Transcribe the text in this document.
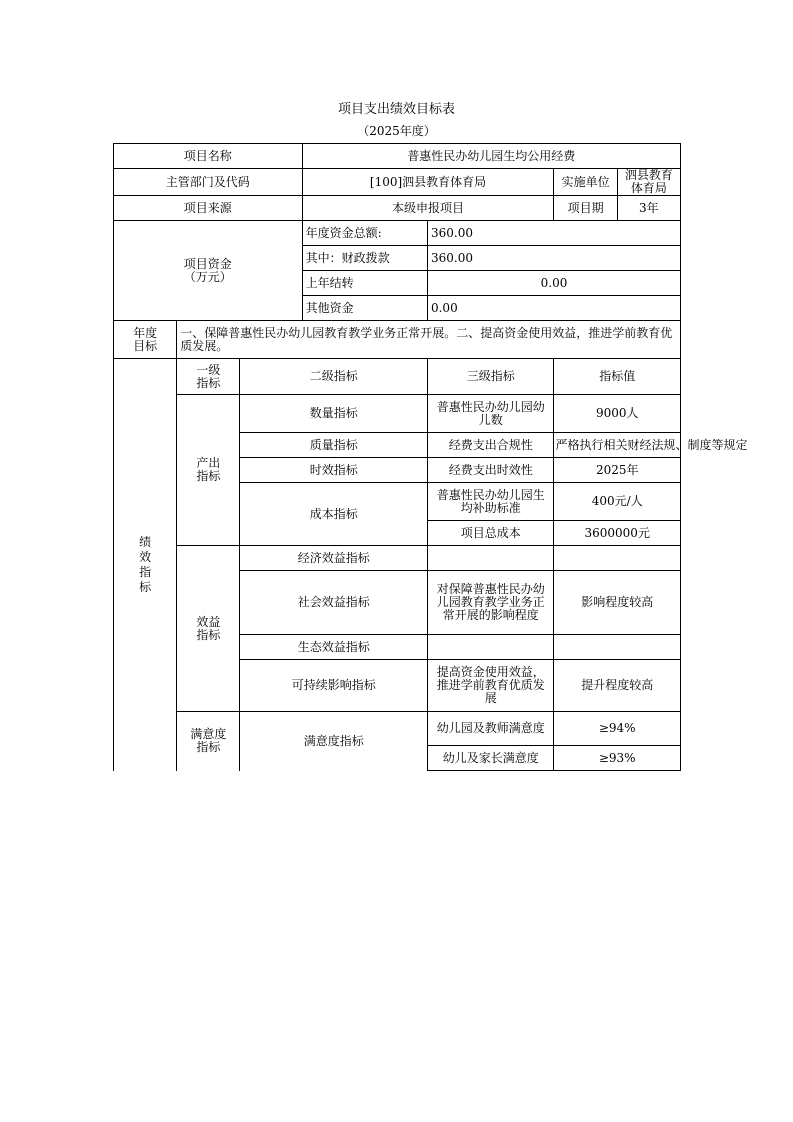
项目支出绩效目标表
（2025年度）
项目名称			普惠性民办幼儿园生均公用经费			
主管部门及代码			[100]泗县教育体育局		实施单位	泗县教育体育局
项目来源			本级申报项目		项目期	3年

项目资金
（万元）			年度资金总额:	360.00		
			其中：财政拨款	360.00		
			上年结转	0.00		
			其他资金	0.00		

年度目标	一、保障普惠性民办幼儿园教育教学业务正常开展。二、提高资金使用效益，推进学前教育优质发展。					
绩效指标	一级指标	二级指标		三级指标	指标值	

	产出指标	数量指标		普惠性民办幼儿园幼儿数	9000人	
		质量指标		经费支出合规性	严格执行相关财经法规、制度等规定	
		时效指标		经费支出时效性	2025年	
		成本指标		普惠性民办幼儿园生均补助标准	400元/人	
				项目总成本	3600000元	

	效益指标	经济效益指标				
		社会效益指标		对保障普惠性民办幼儿园教育教学业务正常开展的影响程度	影响程度较高	
		生态效益指标				
		可持续影响指标		提高资金使用效益，推进学前教育优质发展	提升程度较高	

	满意度指标	满意度指标		幼儿园及教师满意度	≥94%	
				幼儿及家长满意度	≥93%	
